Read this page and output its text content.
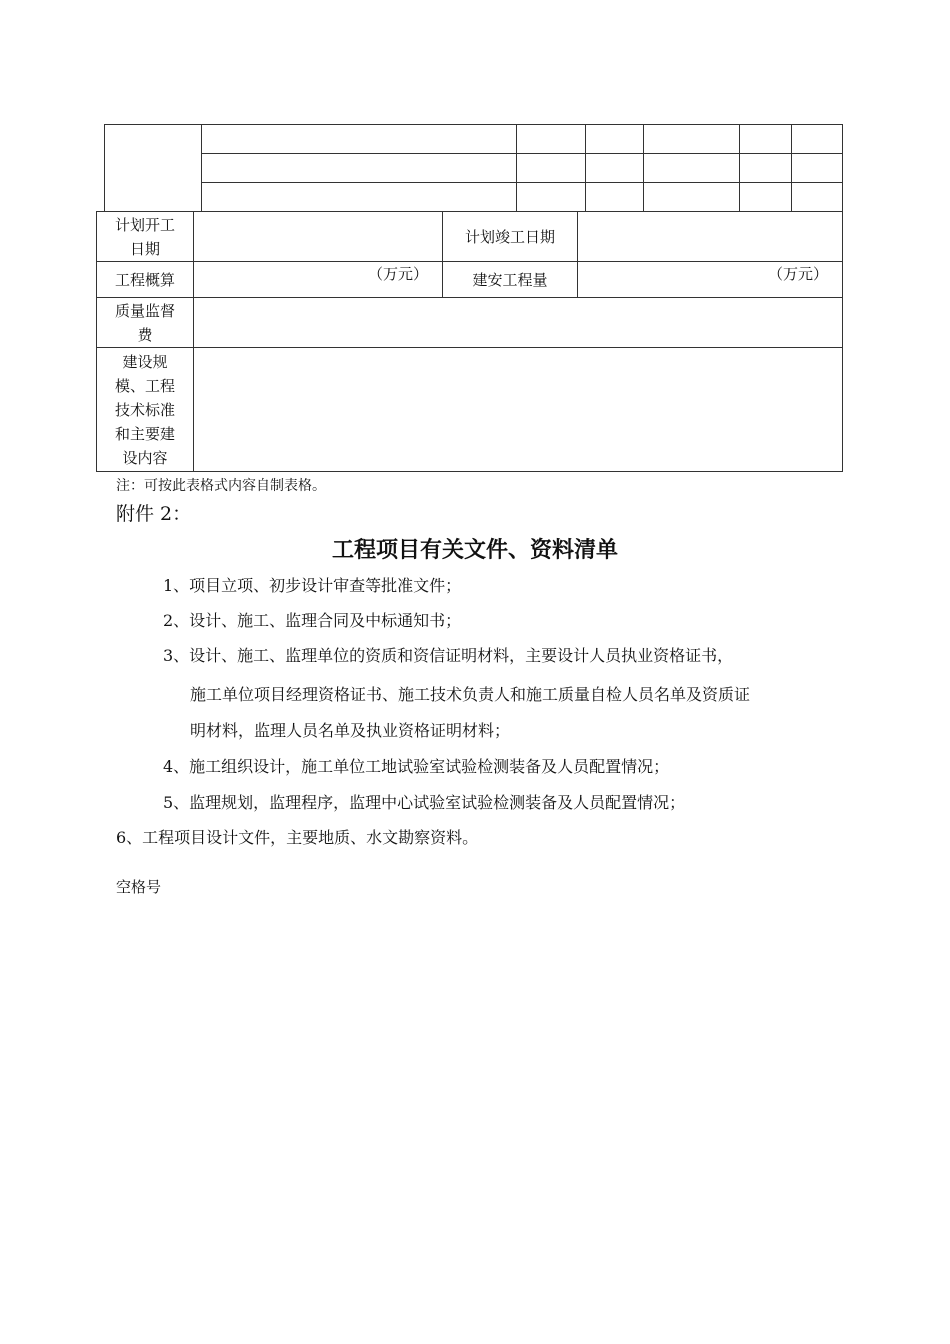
计划开工
日期		计划竣工日期	
工程概算	（万元）	建安工程量	（万元）

质量监督
费			
建设规
模、工程
技术标准
和主要建
设内容			
注：可按此表格式内容自制表格。
附件 2：
工程项目有关文件、资料清单
1、项目立项、初步设计审查等批准文件；
2、设计、施工、监理合同及中标通知书；
3、设计、施工、监理单位的资质和资信证明材料，主要设计人员执业资格证书，
施工单位项目经理资格证书、施工技术负责人和施工质量自检人员名单及资质证
明材料，监理人员名单及执业资格证明材料；
4、施工组织设计，施工单位工地试验室试验检测装备及人员配置情况；
5、监理规划，监理程序，监理中心试验室试验检测装备及人员配置情况；
6、工程项目设计文件，主要地质、水文勘察资料。
空格号
